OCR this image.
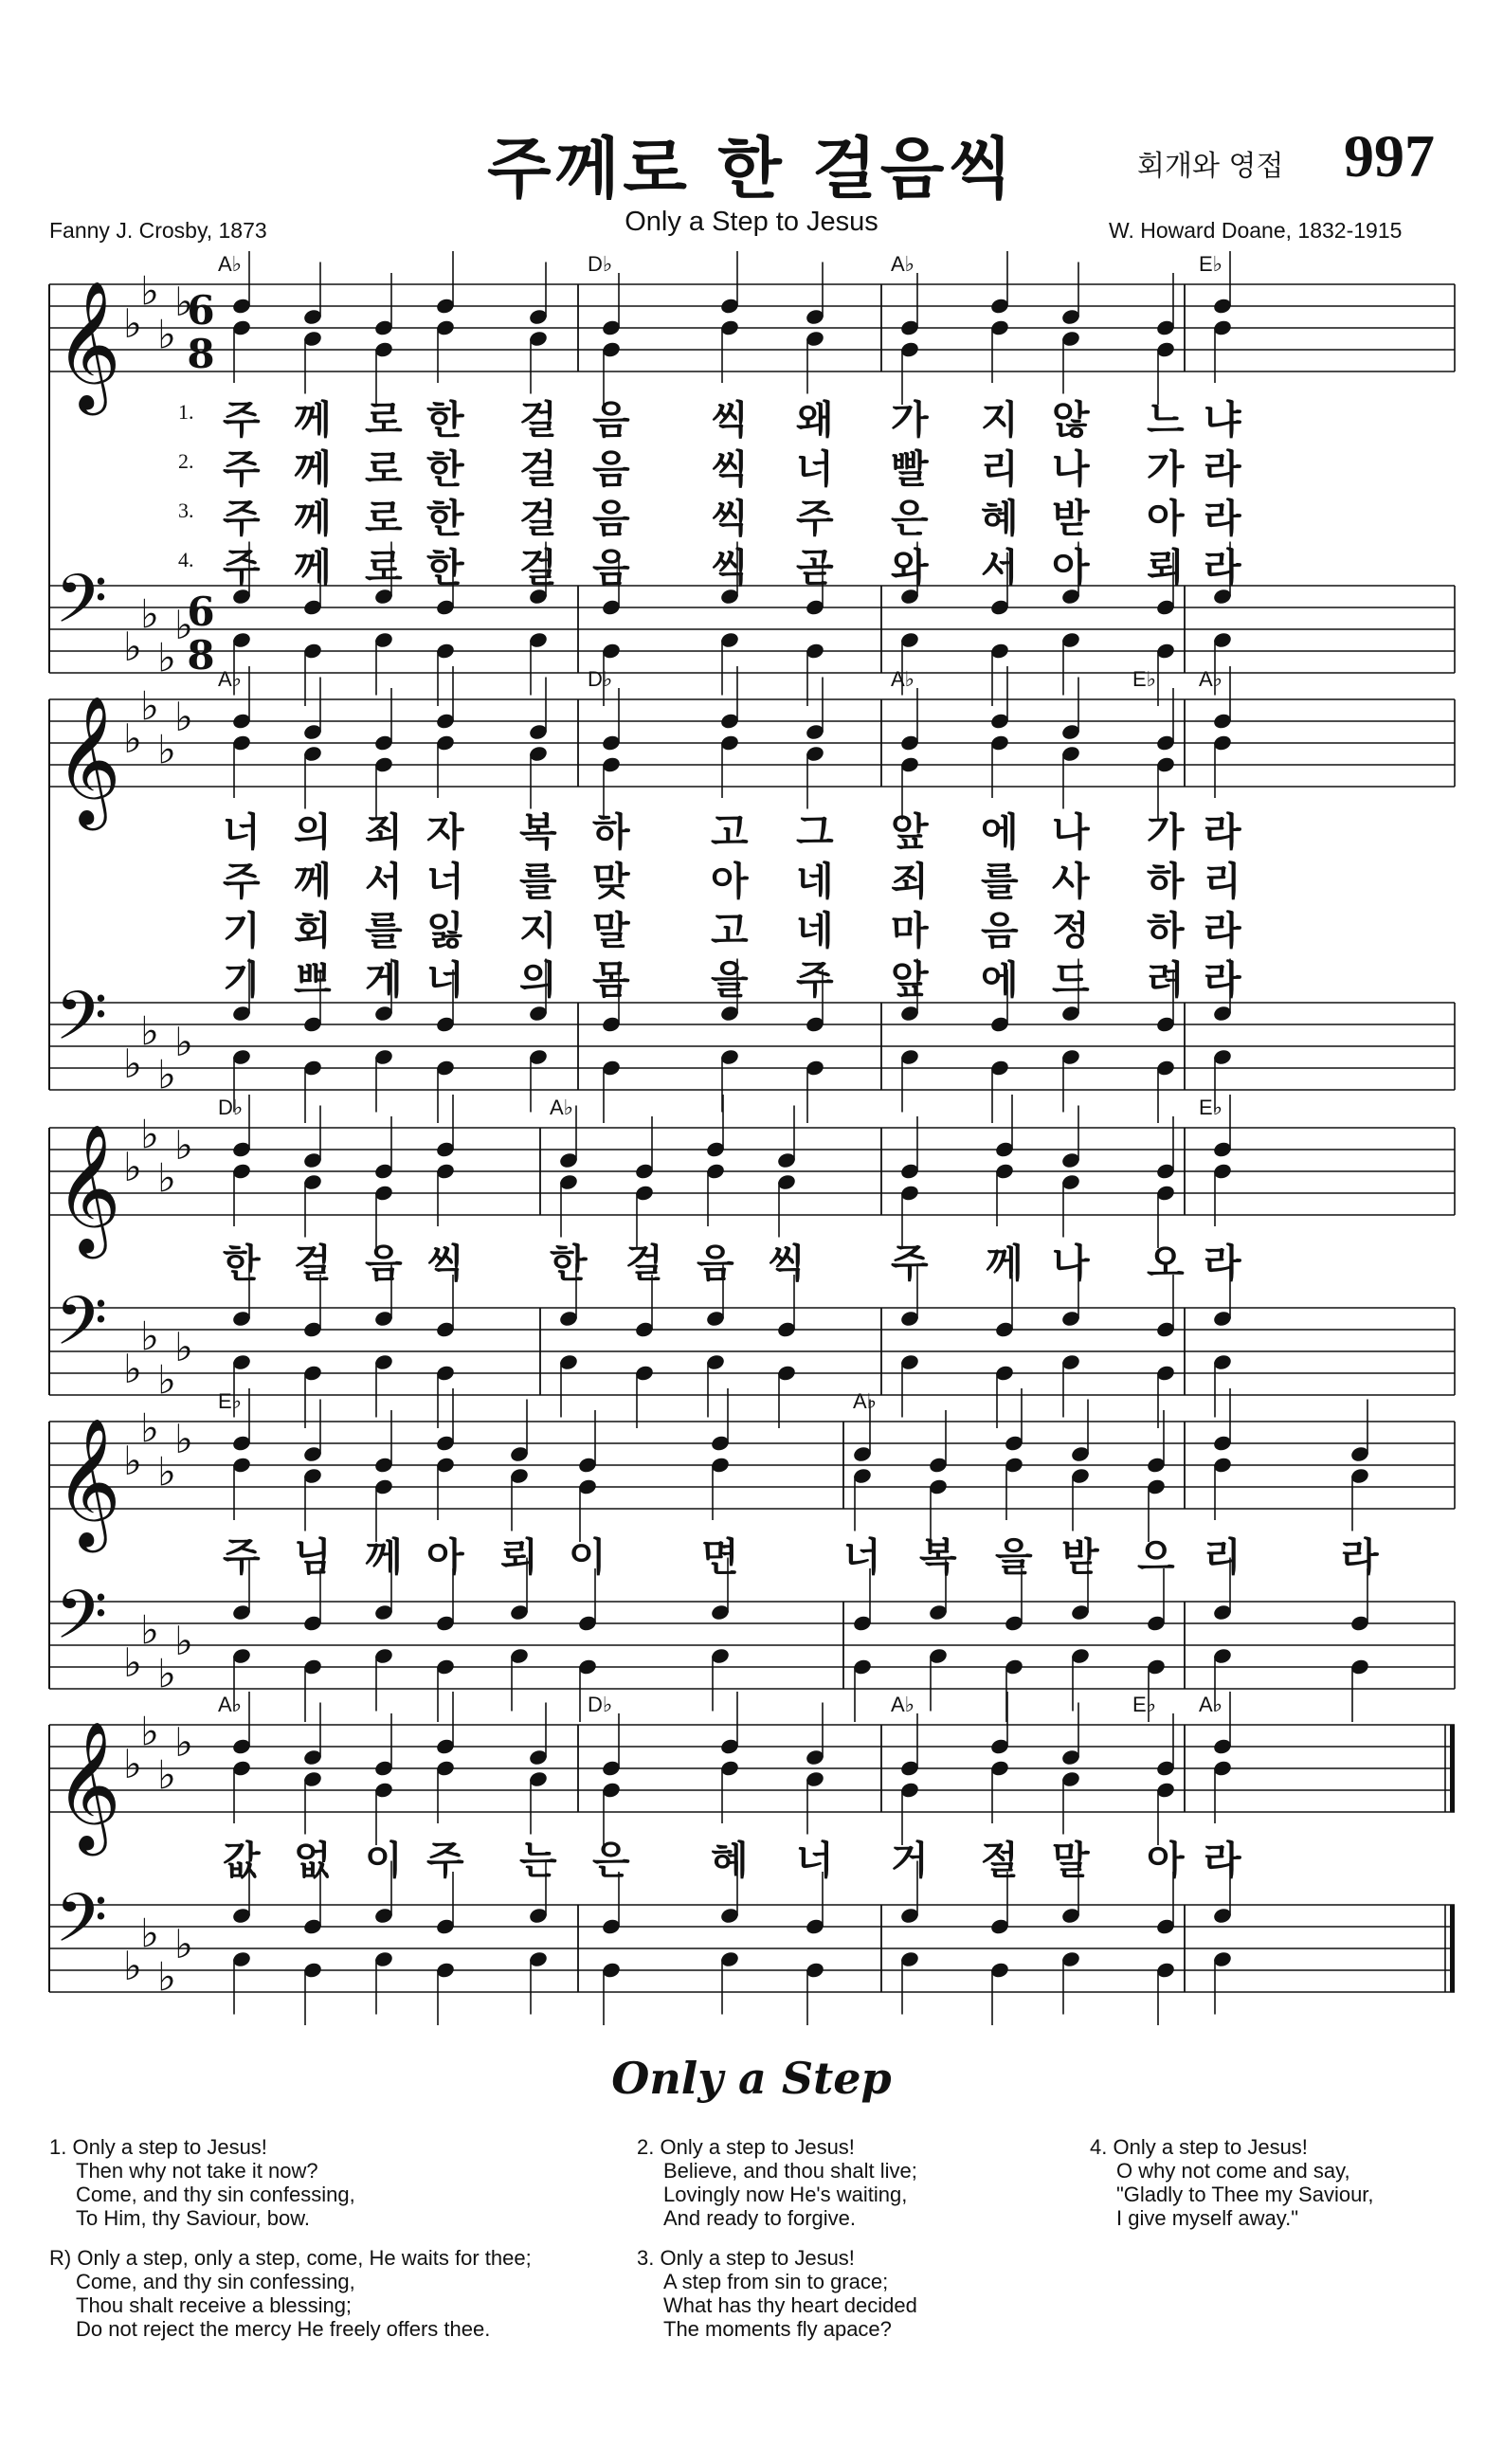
주께로 한 걸음씩
Only a Step to Jesus
회개와 영접 997
Fanny J. Crosby, 1873	W. Howard Doane, 1832-1915
𝄞
𝄢
♭
♭
♭
♭
♭
♭
♭
♭
6
8
6
8
A♭	D♭	A♭	E♭
𝄞
𝄢
♭
♭
♭
♭
♭
♭
♭
♭
A♭	D♭	A♭	E♭ A♭
𝄞
𝄢
♭
♭
♭
♭
♭
♭
♭
♭
D♭	A♭	E♭
𝄞
𝄢
♭
♭
♭
♭
♭
♭
♭
♭
E♭	A♭
𝄞
𝄢
♭
♭
♭
♭
♭
♭
♭
♭
A♭	D♭	A♭	E♭ A♭
1. 주 께 로 한 걸 음 씩 왜 가 지 않 느 냐
2. 주 께 로 한 걸 음 씩 너 빨 리 나 가 라
3. 주 께 로 한 걸 음 씩 주 은 혜 받 아 라
4. 주 께 로 한 걸 음 씩 곧 와 서 아 뢰 라
너 의 죄 자 복 하 고 그 앞 에 나 가 라
주 께 서 너 를 맞 아 네 죄 를 사 하 리
기 회 를 잃 지 말 고 네 마 음 정 하 라
기 쁘 게 너 의 몸 을 주 앞 에 드 려 라
한 걸 음 씩 한 걸 음 씩 주 께 나 오 라
주 님 께 아 뢰 이 면	너 복 을 받 으 리	라
값 없 이 주 는 은 혜 너 거 절 말 아 라
Only a Step
1. Only a step to Jesus!
Then why not take it now?
Come, and thy sin confessing,
To Him, thy Saviour, bow.
R) Only a step, only a step, come, He waits for thee;
Come, and thy sin confessing,
Thou shalt receive a blessing;
Do not reject the mercy He freely offers thee.
2. Only a step to Jesus!
Believe, and thou shalt live;
Lovingly now He's waiting,
And ready to forgive.
3. Only a step to Jesus!
A step from sin to grace;
What has thy heart decided
The moments fly apace?
4. Only a step to Jesus!
O why not come and say,
"Gladly to Thee my Saviour,
I give myself away."
